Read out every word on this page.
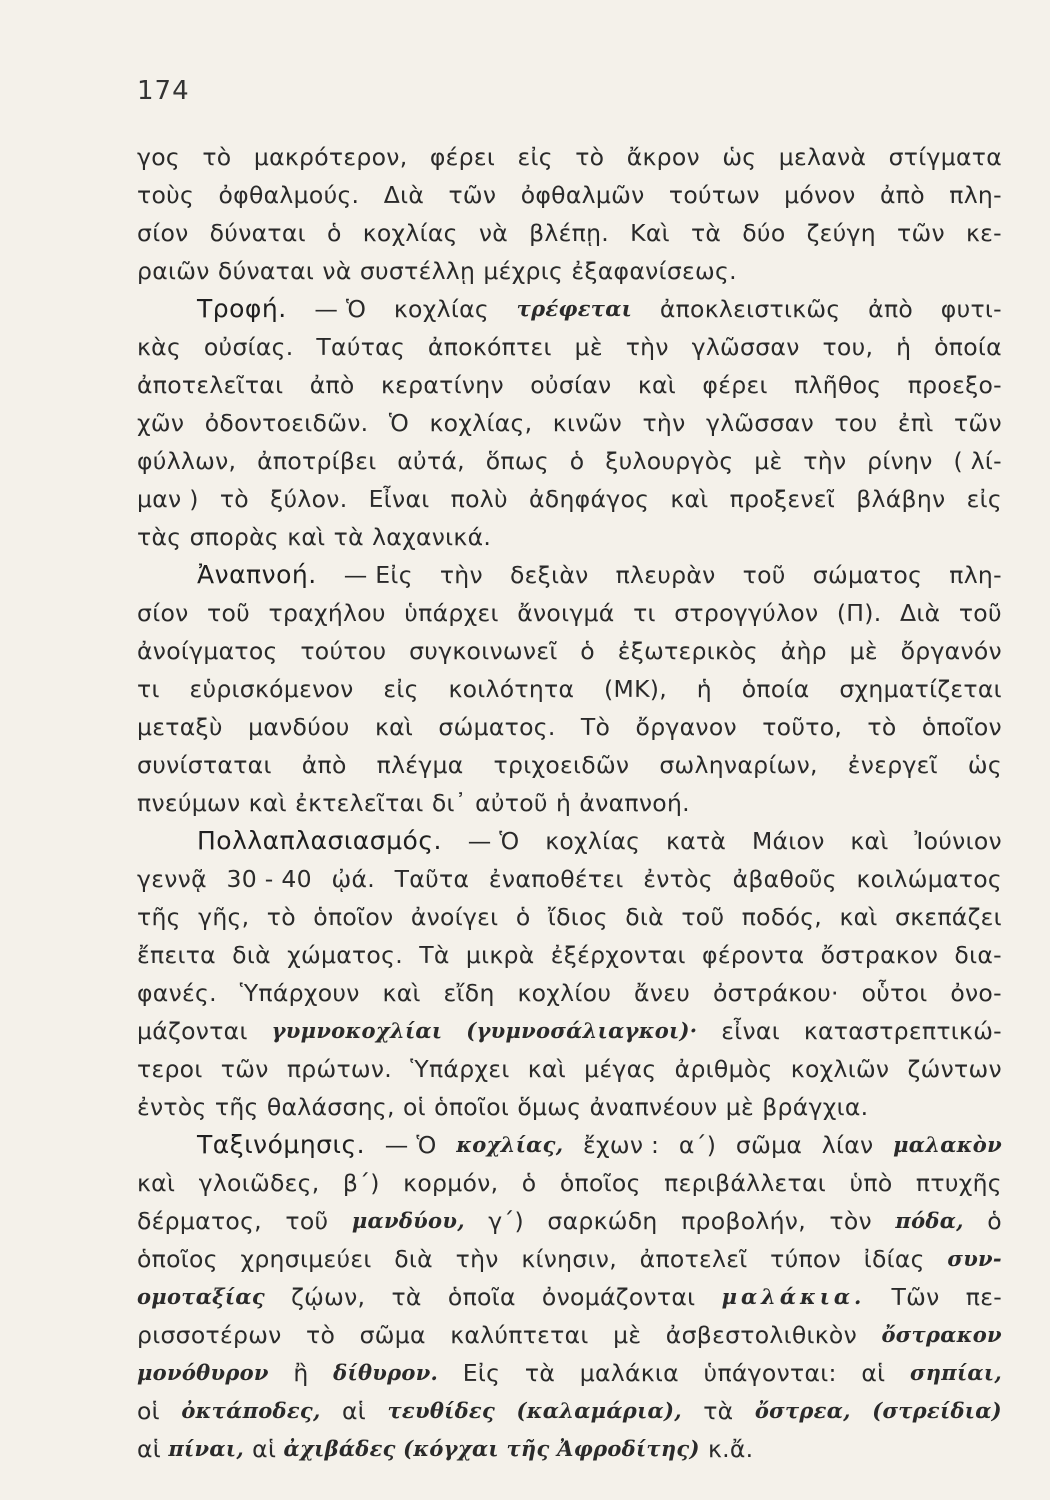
174
γος τὸ μακρότερον, φέρει εἰς τὸ ἄκρον ὡς μελανὰ στίγματα
τοὺς ὀφθαλμούς. Διὰ τῶν ὀφθαλμῶν τούτων μόνον ἀπὸ πλη-
σίον δύναται ὁ κοχλίας νὰ βλέπῃ. Καὶ τὰ δύο ζεύγη τῶν κε-
ραιῶν δύναται νὰ συστέλλῃ μέχρις ἐξαφανίσεως.
Τροφή. — Ὁ κοχλίας τρέφεται ἀποκλειστικῶς ἀπὸ φυτι-
κὰς οὐσίας. Ταύτας ἀποκόπτει μὲ τὴν γλῶσσαν του, ἡ ὁποία
ἀποτελεῖται ἀπὸ κερατίνην οὐσίαν καὶ φέρει πλῆθος προεξο-
χῶν ὀδοντοειδῶν. Ὁ κοχλίας, κινῶν τὴν γλῶσσαν του ἐπὶ τῶν
φύλλων, ἀποτρίβει αὐτά, ὅπως ὁ ξυλουργὸς μὲ τὴν ρίνην ( λί-
μαν ) τὸ ξύλον. Εἶναι πολὺ ἀδηφάγος καὶ προξενεῖ βλάβην εἰς
τὰς σπορὰς καὶ τὰ λαχανικά.
Ἀναπνοή. — Εἰς τὴν δεξιὰν πλευρὰν τοῦ σώματος πλη-
σίον τοῦ τραχήλου ὑπάρχει ἄνοιγμά τι στρογγύλον (Π). Διὰ τοῦ
ἀνοίγματος τούτου συγκοινωνεῖ ὁ ἐξωτερικὸς ἀὴρ μὲ ὄργανόν
τι εὑρισκόμενον εἰς κοιλότητα (ΜΚ), ἡ ὁποία σχηματίζεται
μεταξὺ μανδύου καὶ σώματος. Τὸ ὄργανον τοῦτο, τὸ ὁποῖον
συνίσταται ἀπὸ πλέγμα τριχοειδῶν σωληναρίων, ἐνεργεῖ ὡς
πνεύμων καὶ ἐκτελεῖται δι᾿ αὐτοῦ ἡ ἀναπνοή.
Πολλαπλασιασμός. — Ὁ κοχλίας κατὰ Μάιον καὶ Ἰούνιον
γεννᾷ 30 - 40 ᾠά. Ταῦτα ἐναποθέτει ἐντὸς ἀβαθοῦς κοιλώματος
τῆς γῆς, τὸ ὁποῖον ἀνοίγει ὁ ἴδιος διὰ τοῦ ποδός, καὶ σκεπάζει
ἔπειτα διὰ χώματος. Τὰ μικρὰ ἐξέρχονται φέροντα ὄστρακον δια-
φανές. Ὑπάρχουν καὶ εἴδη κοχλίου ἄνευ ὀστράκου· οὗτοι ὀνο-
μάζονται γυμνοκοχλίαι (γυμνοσάλιαγκοι)· εἶναι καταστρεπτικώ-
τεροι τῶν πρώτων. Ὑπάρχει καὶ μέγας ἀριθμὸς κοχλιῶν ζώντων
ἐντὸς τῆς θαλάσσης, οἱ ὁποῖοι ὅμως ἀναπνέουν μὲ βράγχια.
Ταξινόμησις. — Ὁ κοχλίας, ἔχων : α΄) σῶμα λίαν μαλακὸν
καὶ γλοιῶδες, β΄) κορμόν, ὁ ὁποῖος περιβάλλεται ὑπὸ πτυχῆς
δέρματος, τοῦ μανδύου, γ΄) σαρκώδη προβολήν, τὸν πόδα, ὁ
ὁποῖος χρησιμεύει διὰ τὴν κίνησιν, ἀποτελεῖ τύπον ἰδίας συν-
ομοταξίας ζῴων, τὰ ὁποῖα ὀνομάζονται μαλάκια. Τῶν πε-
ρισσοτέρων τὸ σῶμα καλύπτεται μὲ ἀσβεστολιθικὸν ὄστρακον
μονόθυρον ἢ δίθυρον. Εἰς τὰ μαλάκια ὑπάγονται: αἱ σηπίαι,
οἱ ὀκτάποδες, αἱ τευθίδες (καλαμάρια), τὰ ὄστρεα, (στρείδια)
αἱ πίναι, αἱ ἀχιβάδες (κόγχαι τῆς Ἀφροδίτης) κ.ἄ.
